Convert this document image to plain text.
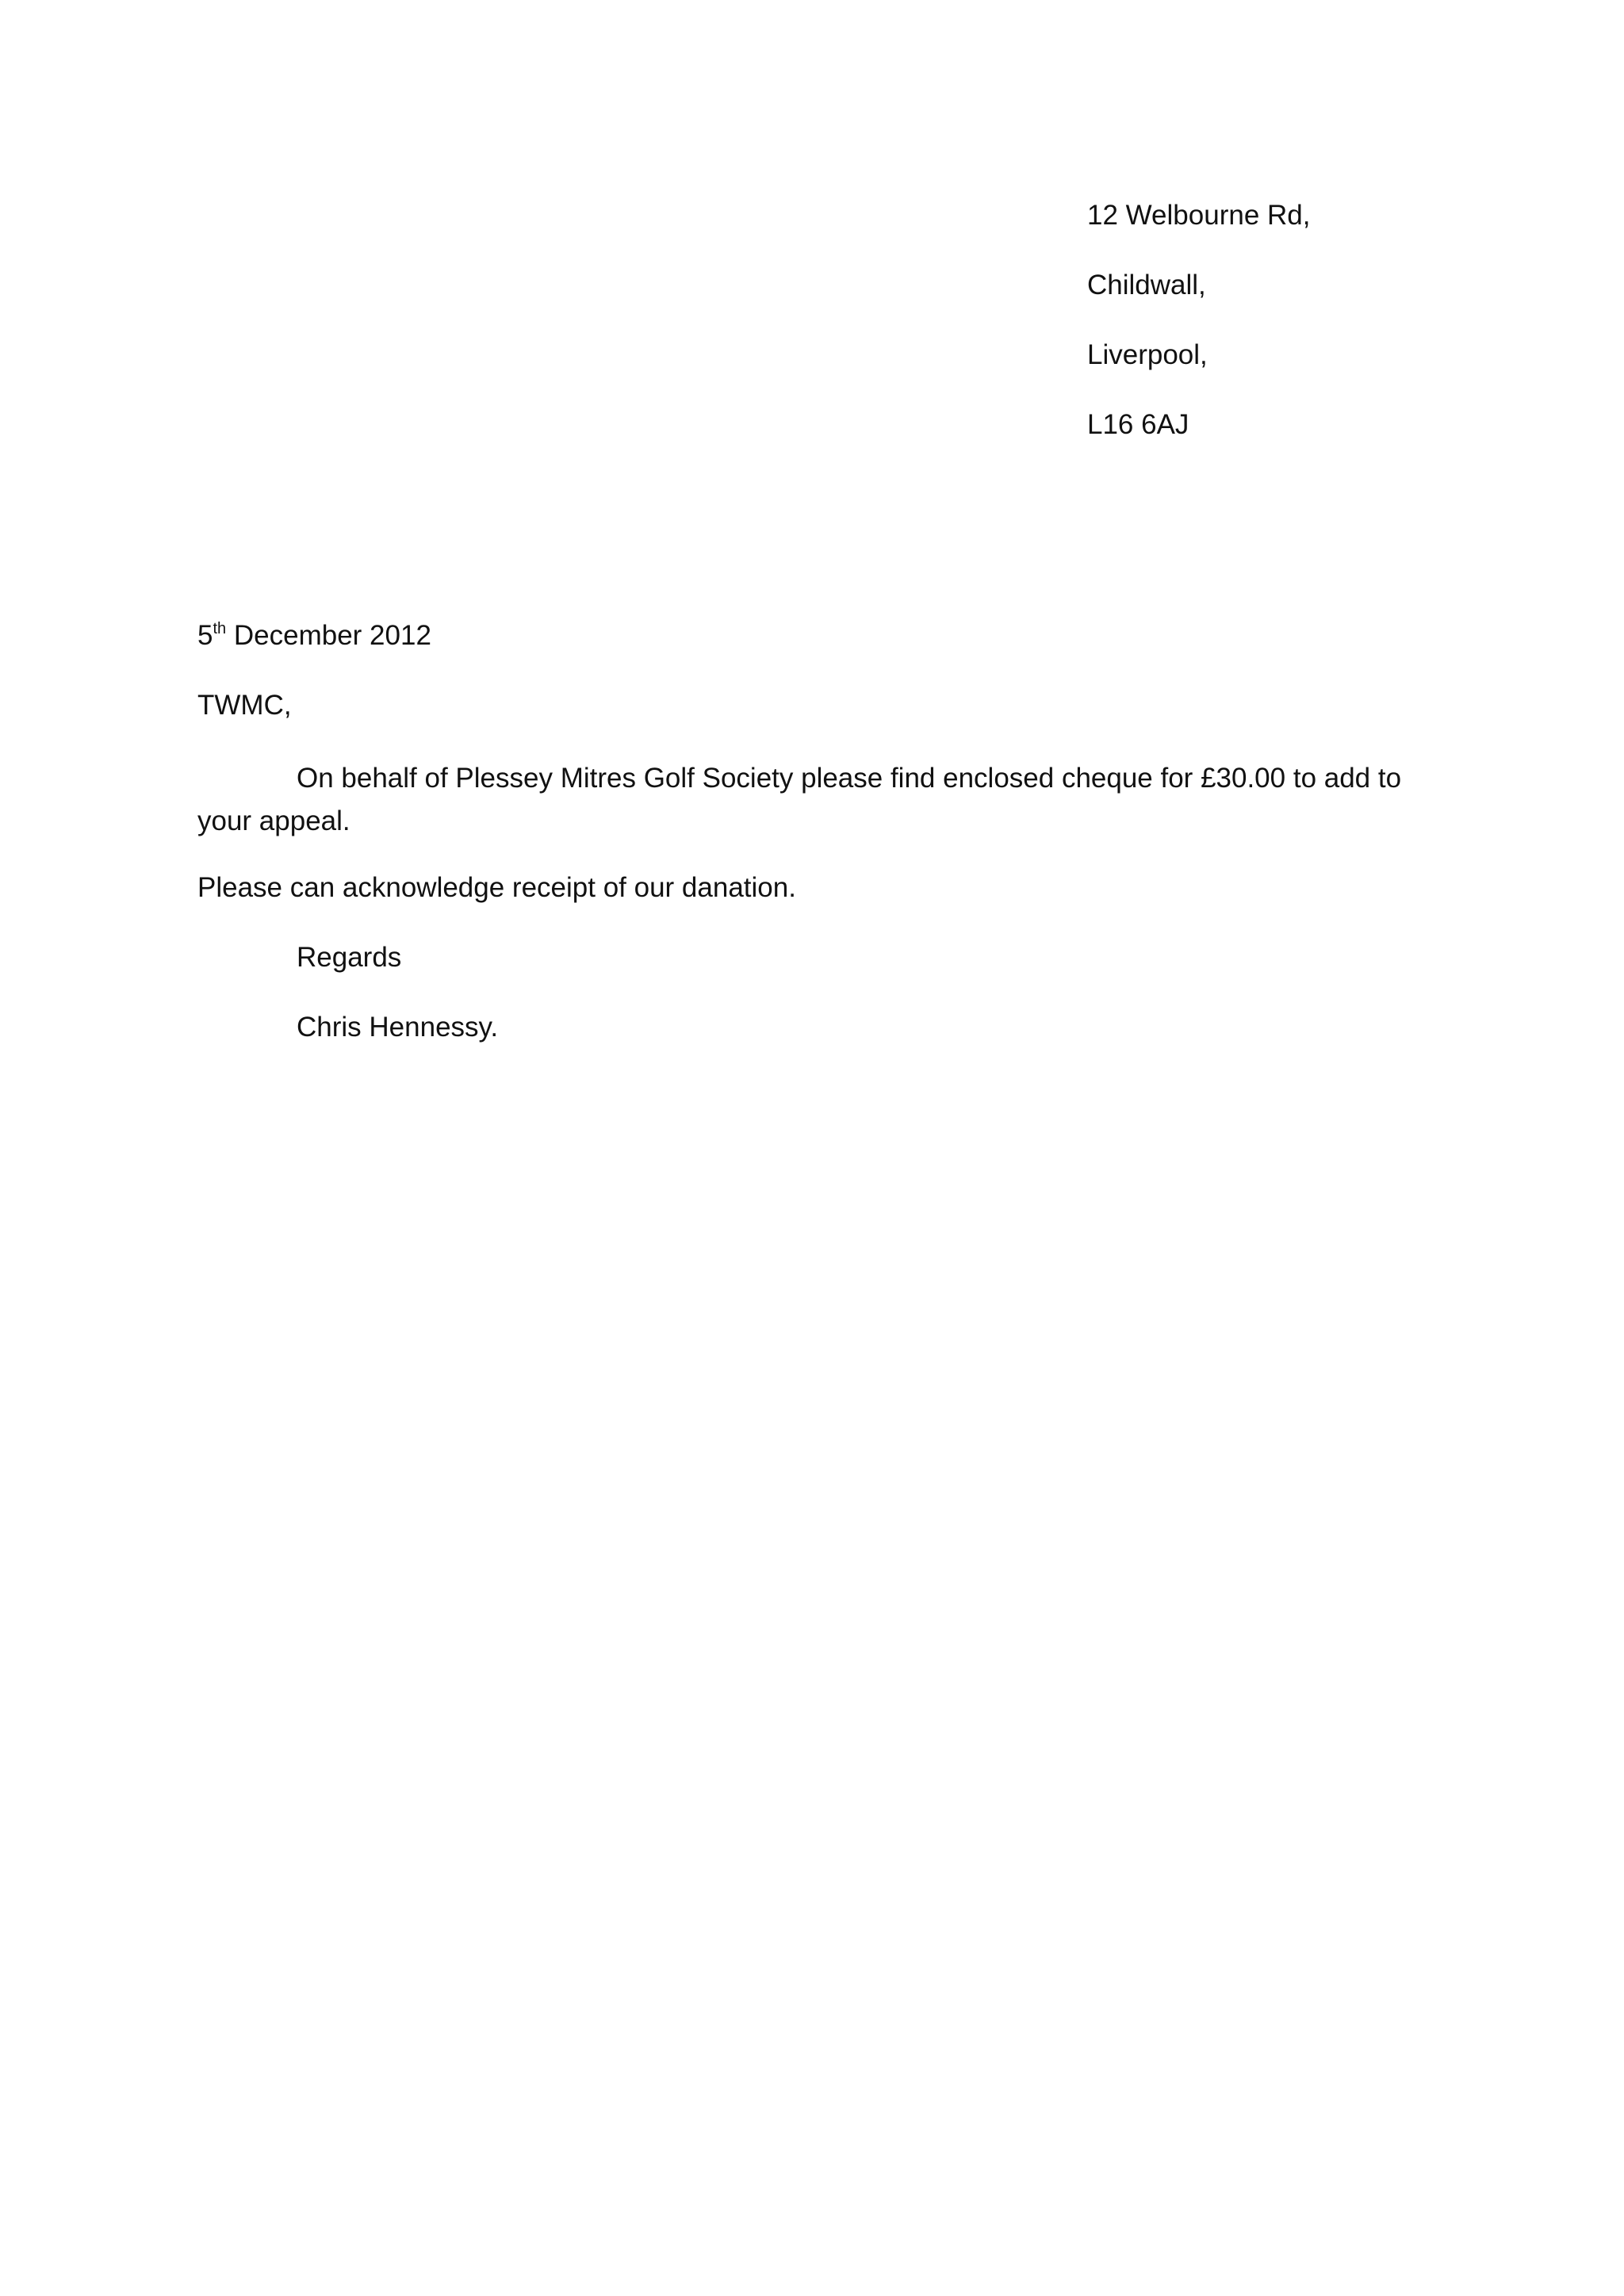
12 Welbourne Rd,

Childwall,

Liverpool,

L16 6AJ

5th December 2012

TWMC,

On behalf of Plessey Mitres Golf Society please find enclosed cheque for £30.00 to add to your appeal.

Please can acknowledge receipt of our danation.

Regards

Chris Hennessy.
